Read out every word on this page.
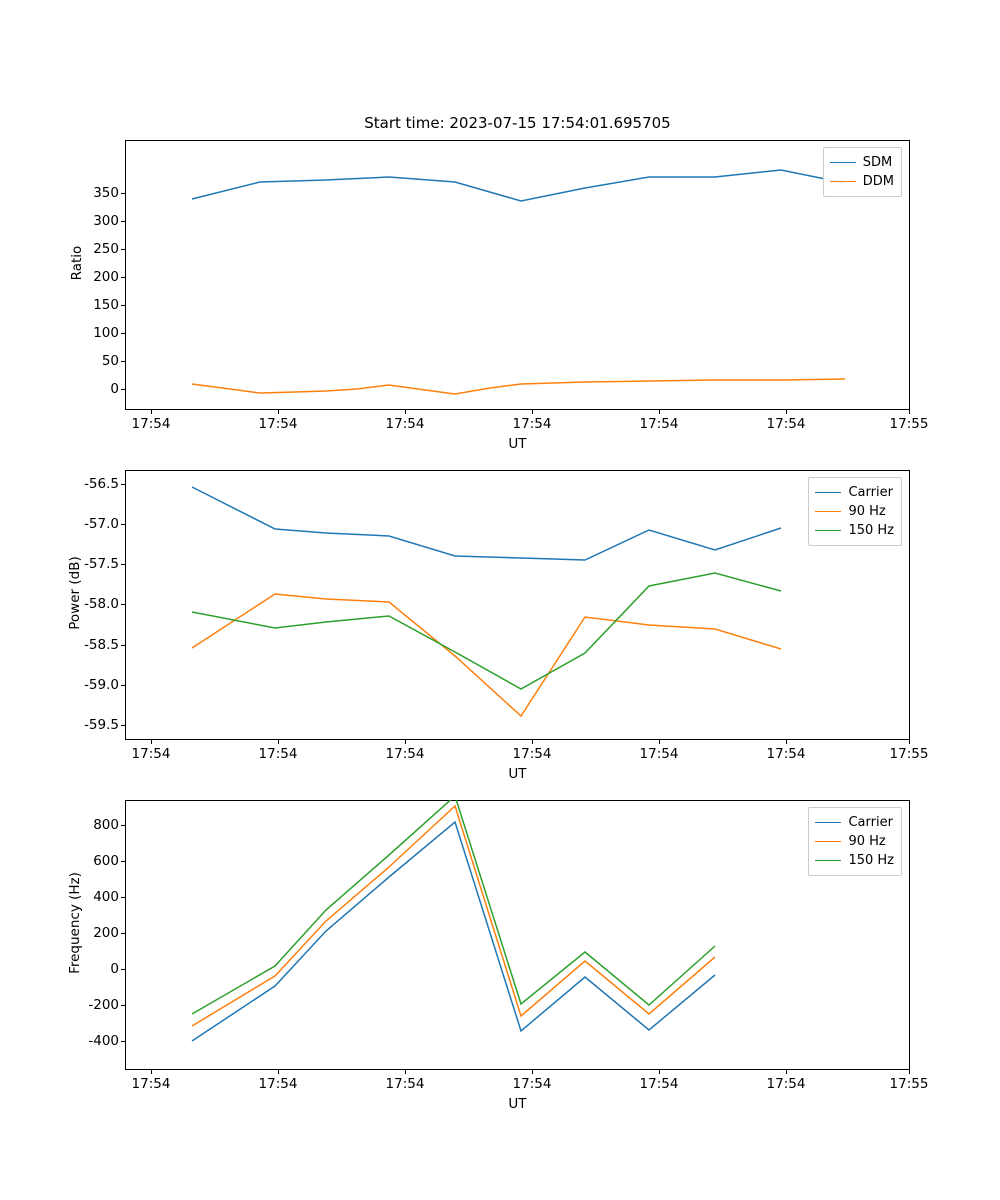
Start time: 2023-07-15 17:54:01.695705
0
50
100
150
200
250
300
350
17:54	17:54	17:54	17:54	17:54	17:54	17:55
UT
Ratio
SDM
DDM
-59.5
-59.0
-58.5
-58.0
-57.5
-57.0
-56.5
17:54	17:54	17:54	17:54	17:54	17:54	17:55
UT
Power (dB)
Carrier
90 Hz
150 Hz
-400
-200
0
200
400
600
800
17:54	17:54	17:54	17:54	17:54	17:54	17:55
UT
Frequency (Hz)
Carrier
90 Hz
150 Hz
